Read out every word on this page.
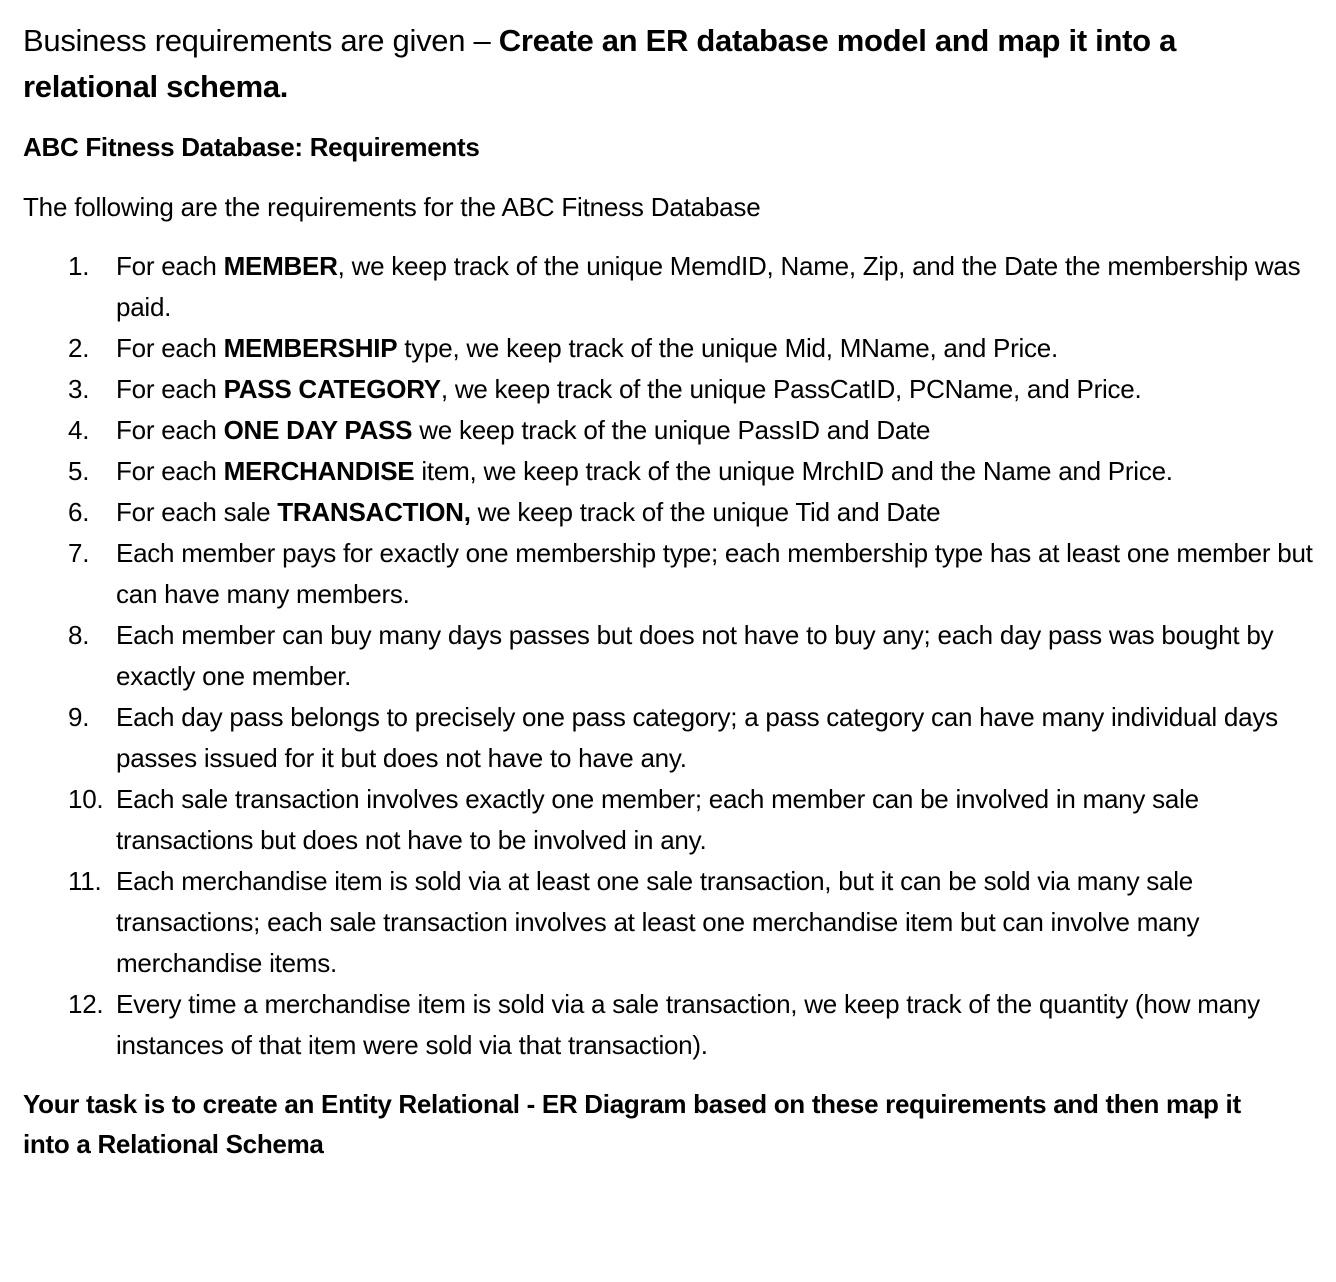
Business requirements are given – Create an ER database model and map it into a relational schema.

ABC Fitness Database: Requirements

The following are the requirements for the ABC Fitness Database

1.	For each MEMBER, we keep track of the unique MemdID, Name, Zip, and the Date the membership was paid.
2.	For each MEMBERSHIP type, we keep track of the unique Mid, MName, and Price.
3.	For each PASS CATEGORY, we keep track of the unique PassCatID, PCName, and Price.
4.	For each ONE DAY PASS we keep track of the unique PassID and Date
5.	For each MERCHANDISE item, we keep track of the unique MrchID and the Name and Price.
6.	For each sale TRANSACTION, we keep track of the unique Tid and Date
7.	Each member pays for exactly one membership type; each membership type has at least one member but can have many members.
8.	Each member can buy many days passes but does not have to buy any; each day pass was bought by exactly one member.
9.	Each day pass belongs to precisely one pass category; a pass category can have many individual days passes issued for it but does not have to have any.
10. Each sale transaction involves exactly one member; each member can be involved in many sale transactions but does not have to be involved in any.
11. Each merchandise item is sold via at least one sale transaction, but it can be sold via many sale transactions; each sale transaction involves at least one merchandise item but can involve many merchandise items.
12. Every time a merchandise item is sold via a sale transaction, we keep track of the quantity (how many instances of that item were sold via that transaction).

Your task is to create an Entity Relational - ER Diagram based on these requirements and then map it into a Relational Schema
